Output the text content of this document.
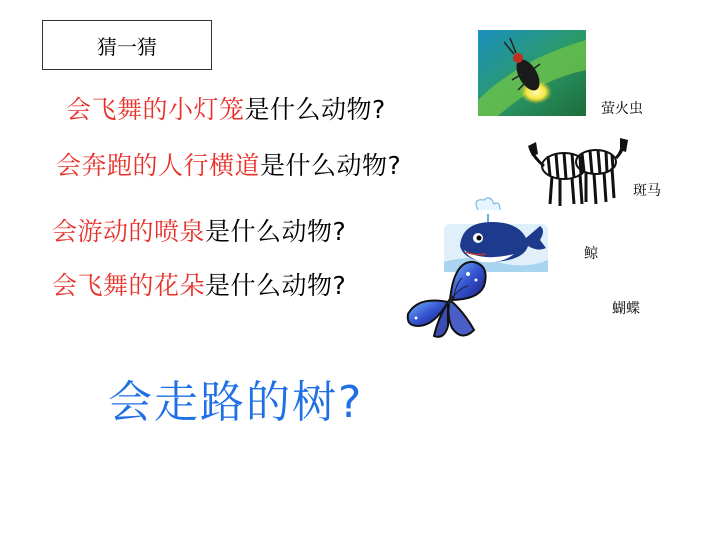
猜一猜
会飞舞的小灯笼是什么动物?
会奔跑的人行横道是什么动物?
会游动的喷泉是什么动物?
会飞舞的花朵是什么动物?
萤火虫
斑马
鲸
蝴蝶
会走路的树?
